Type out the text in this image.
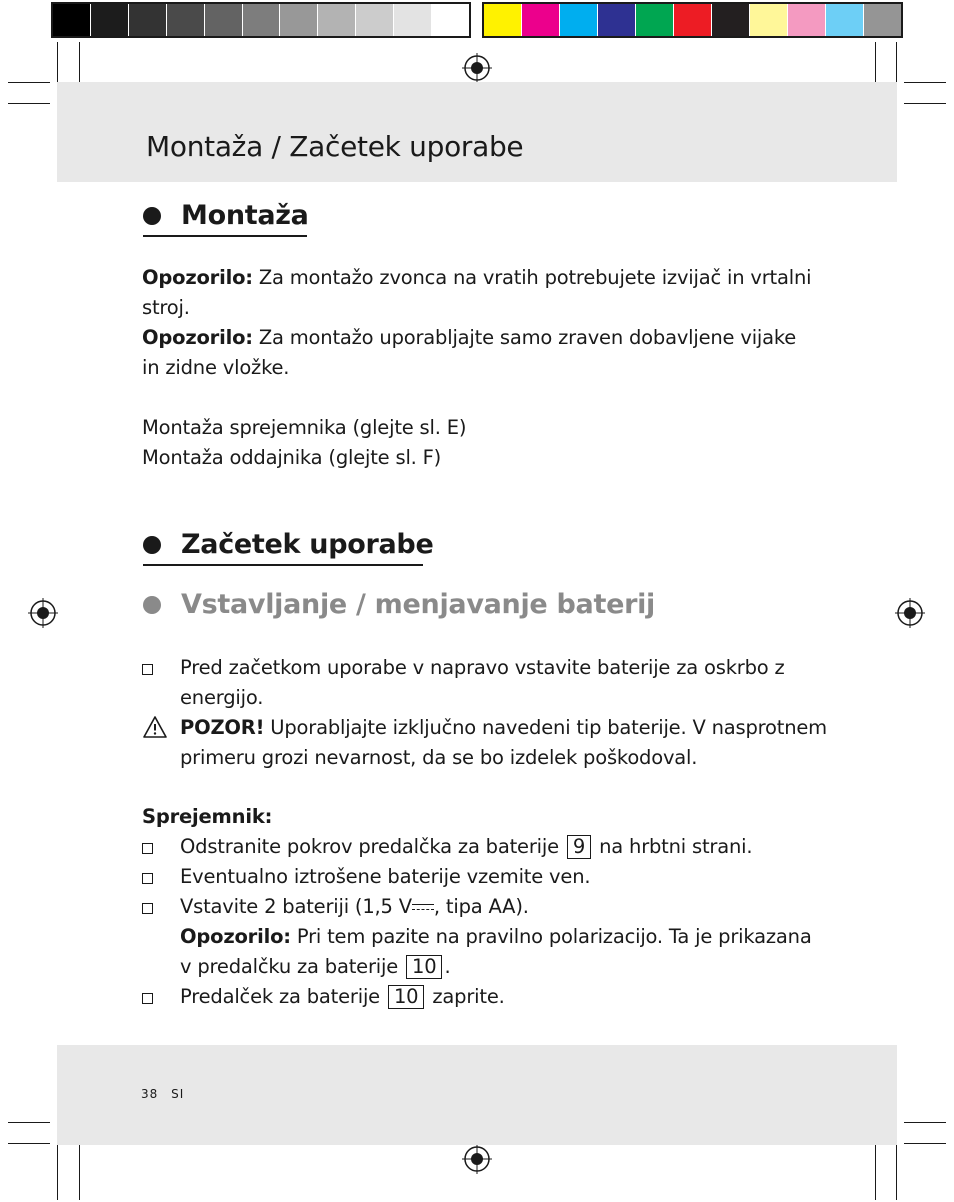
Montaža / Začetek uporabe
Montaža
Opozorilo: Za montažo zvonca na vratih potrebujete izvijač in vrtalni
stroj.
Opozorilo: Za montažo uporabljajte samo zraven dobavljene vijake
in zidne vložke.
Montaža sprejemnika (glejte sl. E)
Montaža oddajnika (glejte sl. F)
Začetek uporabe
Vstavljanje / menjavanje baterij
Pred začetkom uporabe v napravo vstavite baterije za oskrbo z
energijo.
POZOR! Uporabljajte izključno navedeni tip baterije. V nasprotnem
primeru grozi nevarnost, da se bo izdelek poškodoval.
Sprejemnik:
Odstranite pokrov predalčka za baterije 9 na hrbtni strani.
Eventualno iztrošene baterije vzemite ven.
Vstavite 2 bateriji (1,5 V , tipa AA).
Opozorilo: Pri tem pazite na pravilno polarizacijo. Ta je prikazana
v predalčku za baterije 10 .
Predalček za baterije 10 zaprite.
38 SI
